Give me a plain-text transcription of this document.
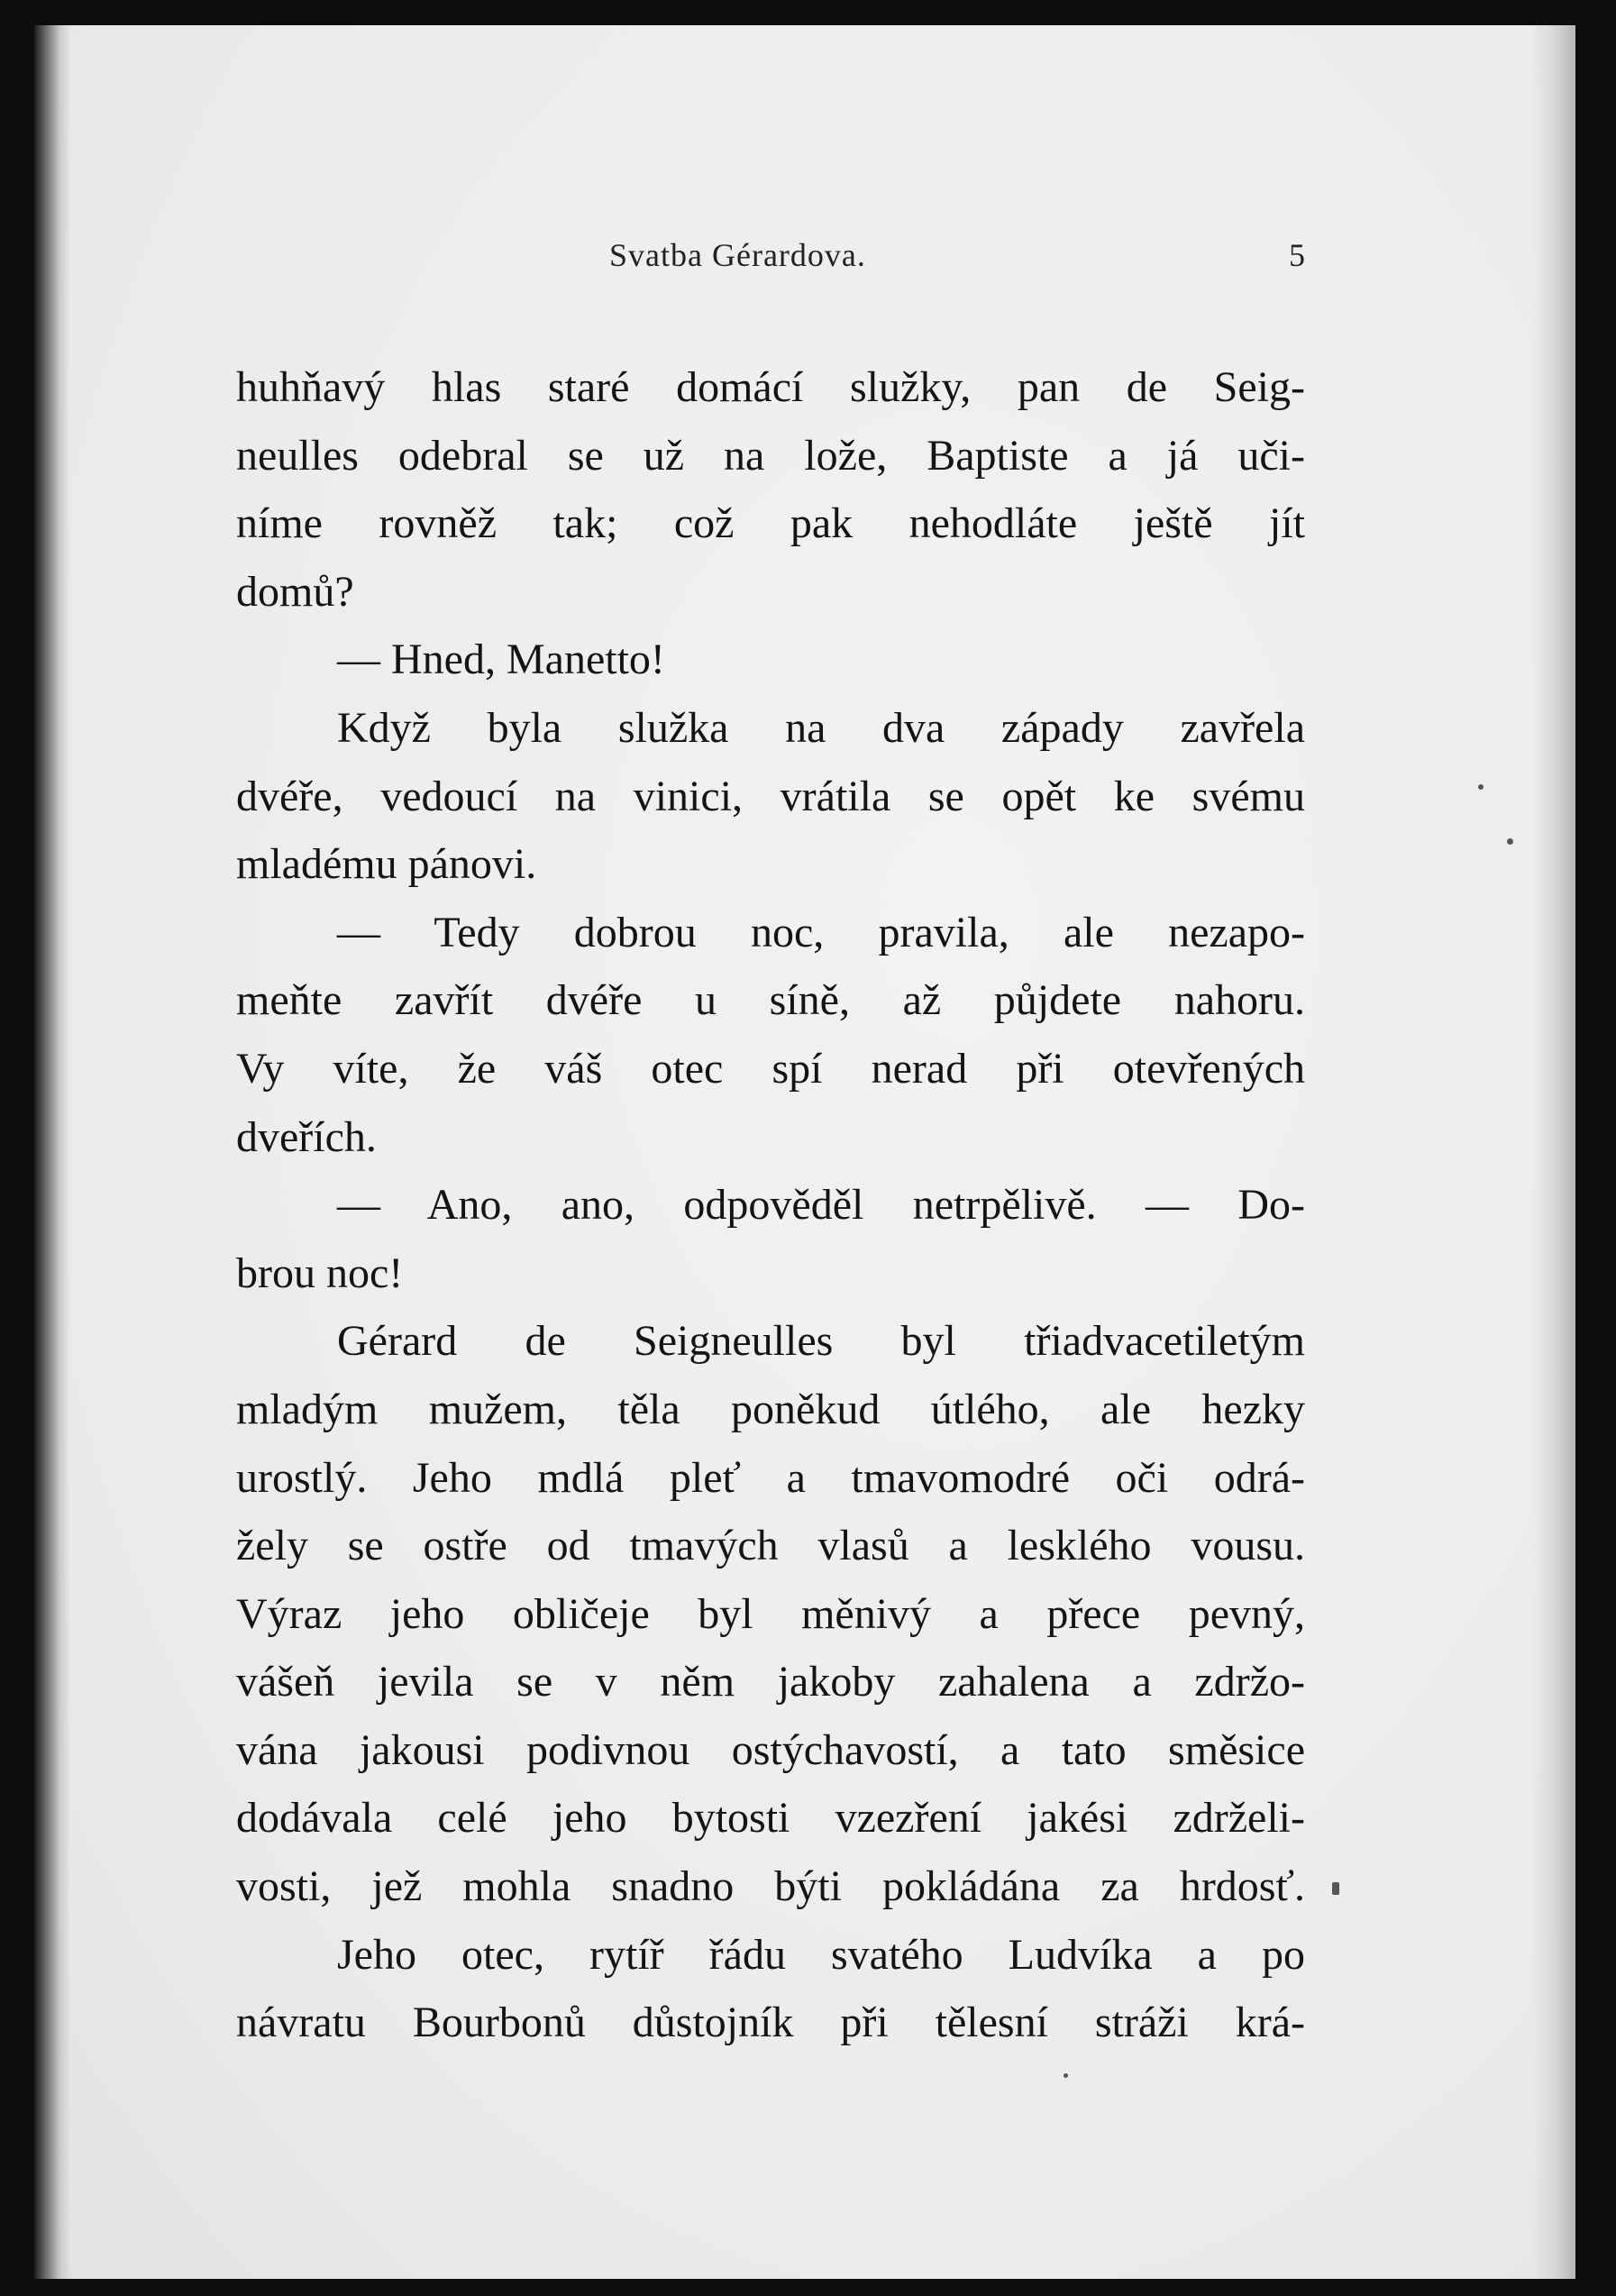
Svatba Gérardova.	5
huhňavý hlas staré domácí služky, pan de Seig-
neulles odebral se už na lože, Baptiste a já uči-
níme rovněž tak; což pak nehodláte ještě jít
domů?
— Hned, Manetto!
Když byla služka na dva západy zavřela
dvéře, vedoucí na vinici, vrátila se opět ke svému
mladému pánovi.
— Tedy dobrou noc, pravila, ale nezapo-
meňte zavřít dvéře u síně, až půjdete nahoru.
Vy víte, že váš otec spí nerad při otevřených
dveřích.
— Ano, ano, odpověděl netrpělivě. — Do-
brou noc!
Gérard de Seigneulles byl třiadvacetiletým
mladým mužem, těla poněkud útlého, ale hezky
urostlý. Jeho mdlá pleť a tmavomodré oči odrá-
žely se ostře od tmavých vlasů a lesklého vousu.
Výraz jeho obličeje byl měnivý a přece pevný,
vášeň jevila se v něm jakoby zahalena a zdržo-
vána jakousi podivnou ostýchavostí, a tato směsice
dodávala celé jeho bytosti vzezření jakési zdrželi-
vosti, jež mohla snadno býti pokládána za hrdosť.
Jeho otec, rytíř řádu svatého Ludvíka a po
návratu Bourbonů důstojník při tělesní stráži krá-
